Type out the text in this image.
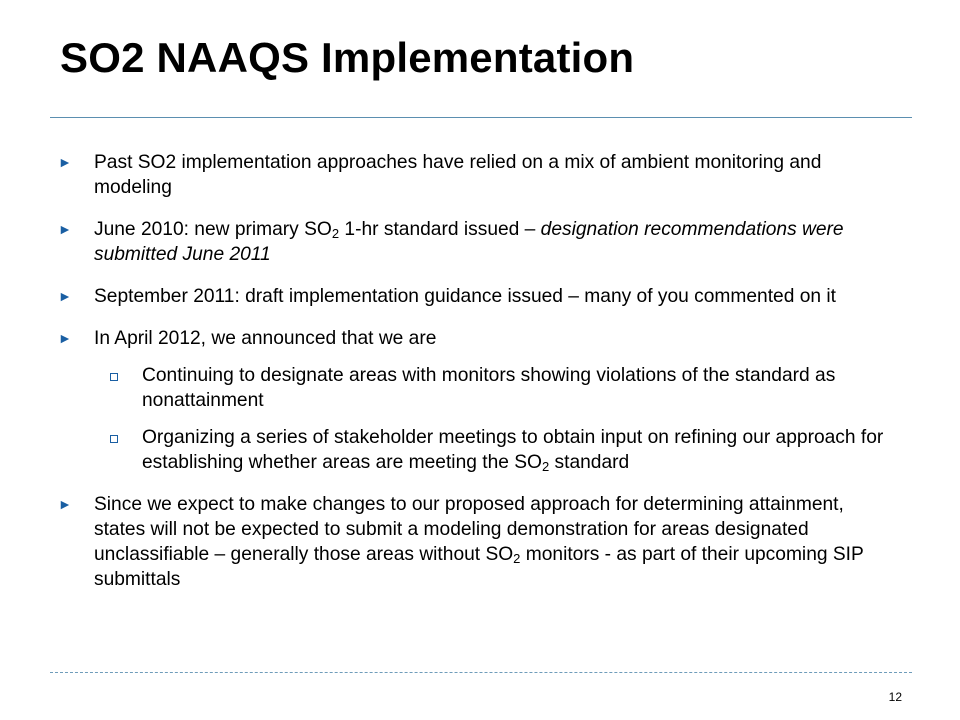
SO2 NAAQS Implementation
► Past SO2 implementation approaches have relied on a mix of ambient monitoring and modeling
► June 2010: new primary $SO_2$ 1-hr standard issued – designation recommendations were submitted June 2011
► September 2011: draft implementation guidance issued – many of you commented on it
► In April 2012, we announced that we are
Continuing to designate areas with monitors showing violations of the standard as nonattainment
Organizing a series of stakeholder meetings to obtain input on refining our approach for establishing whether areas are meeting the $SO_2$ standard
► Since we expect to make changes to our proposed approach for determining attainment, states will not be expected to submit a modeling demonstration for areas designated unclassifiable – generally those areas without $SO_2$ monitors - as part of their upcoming SIP submittals
12
